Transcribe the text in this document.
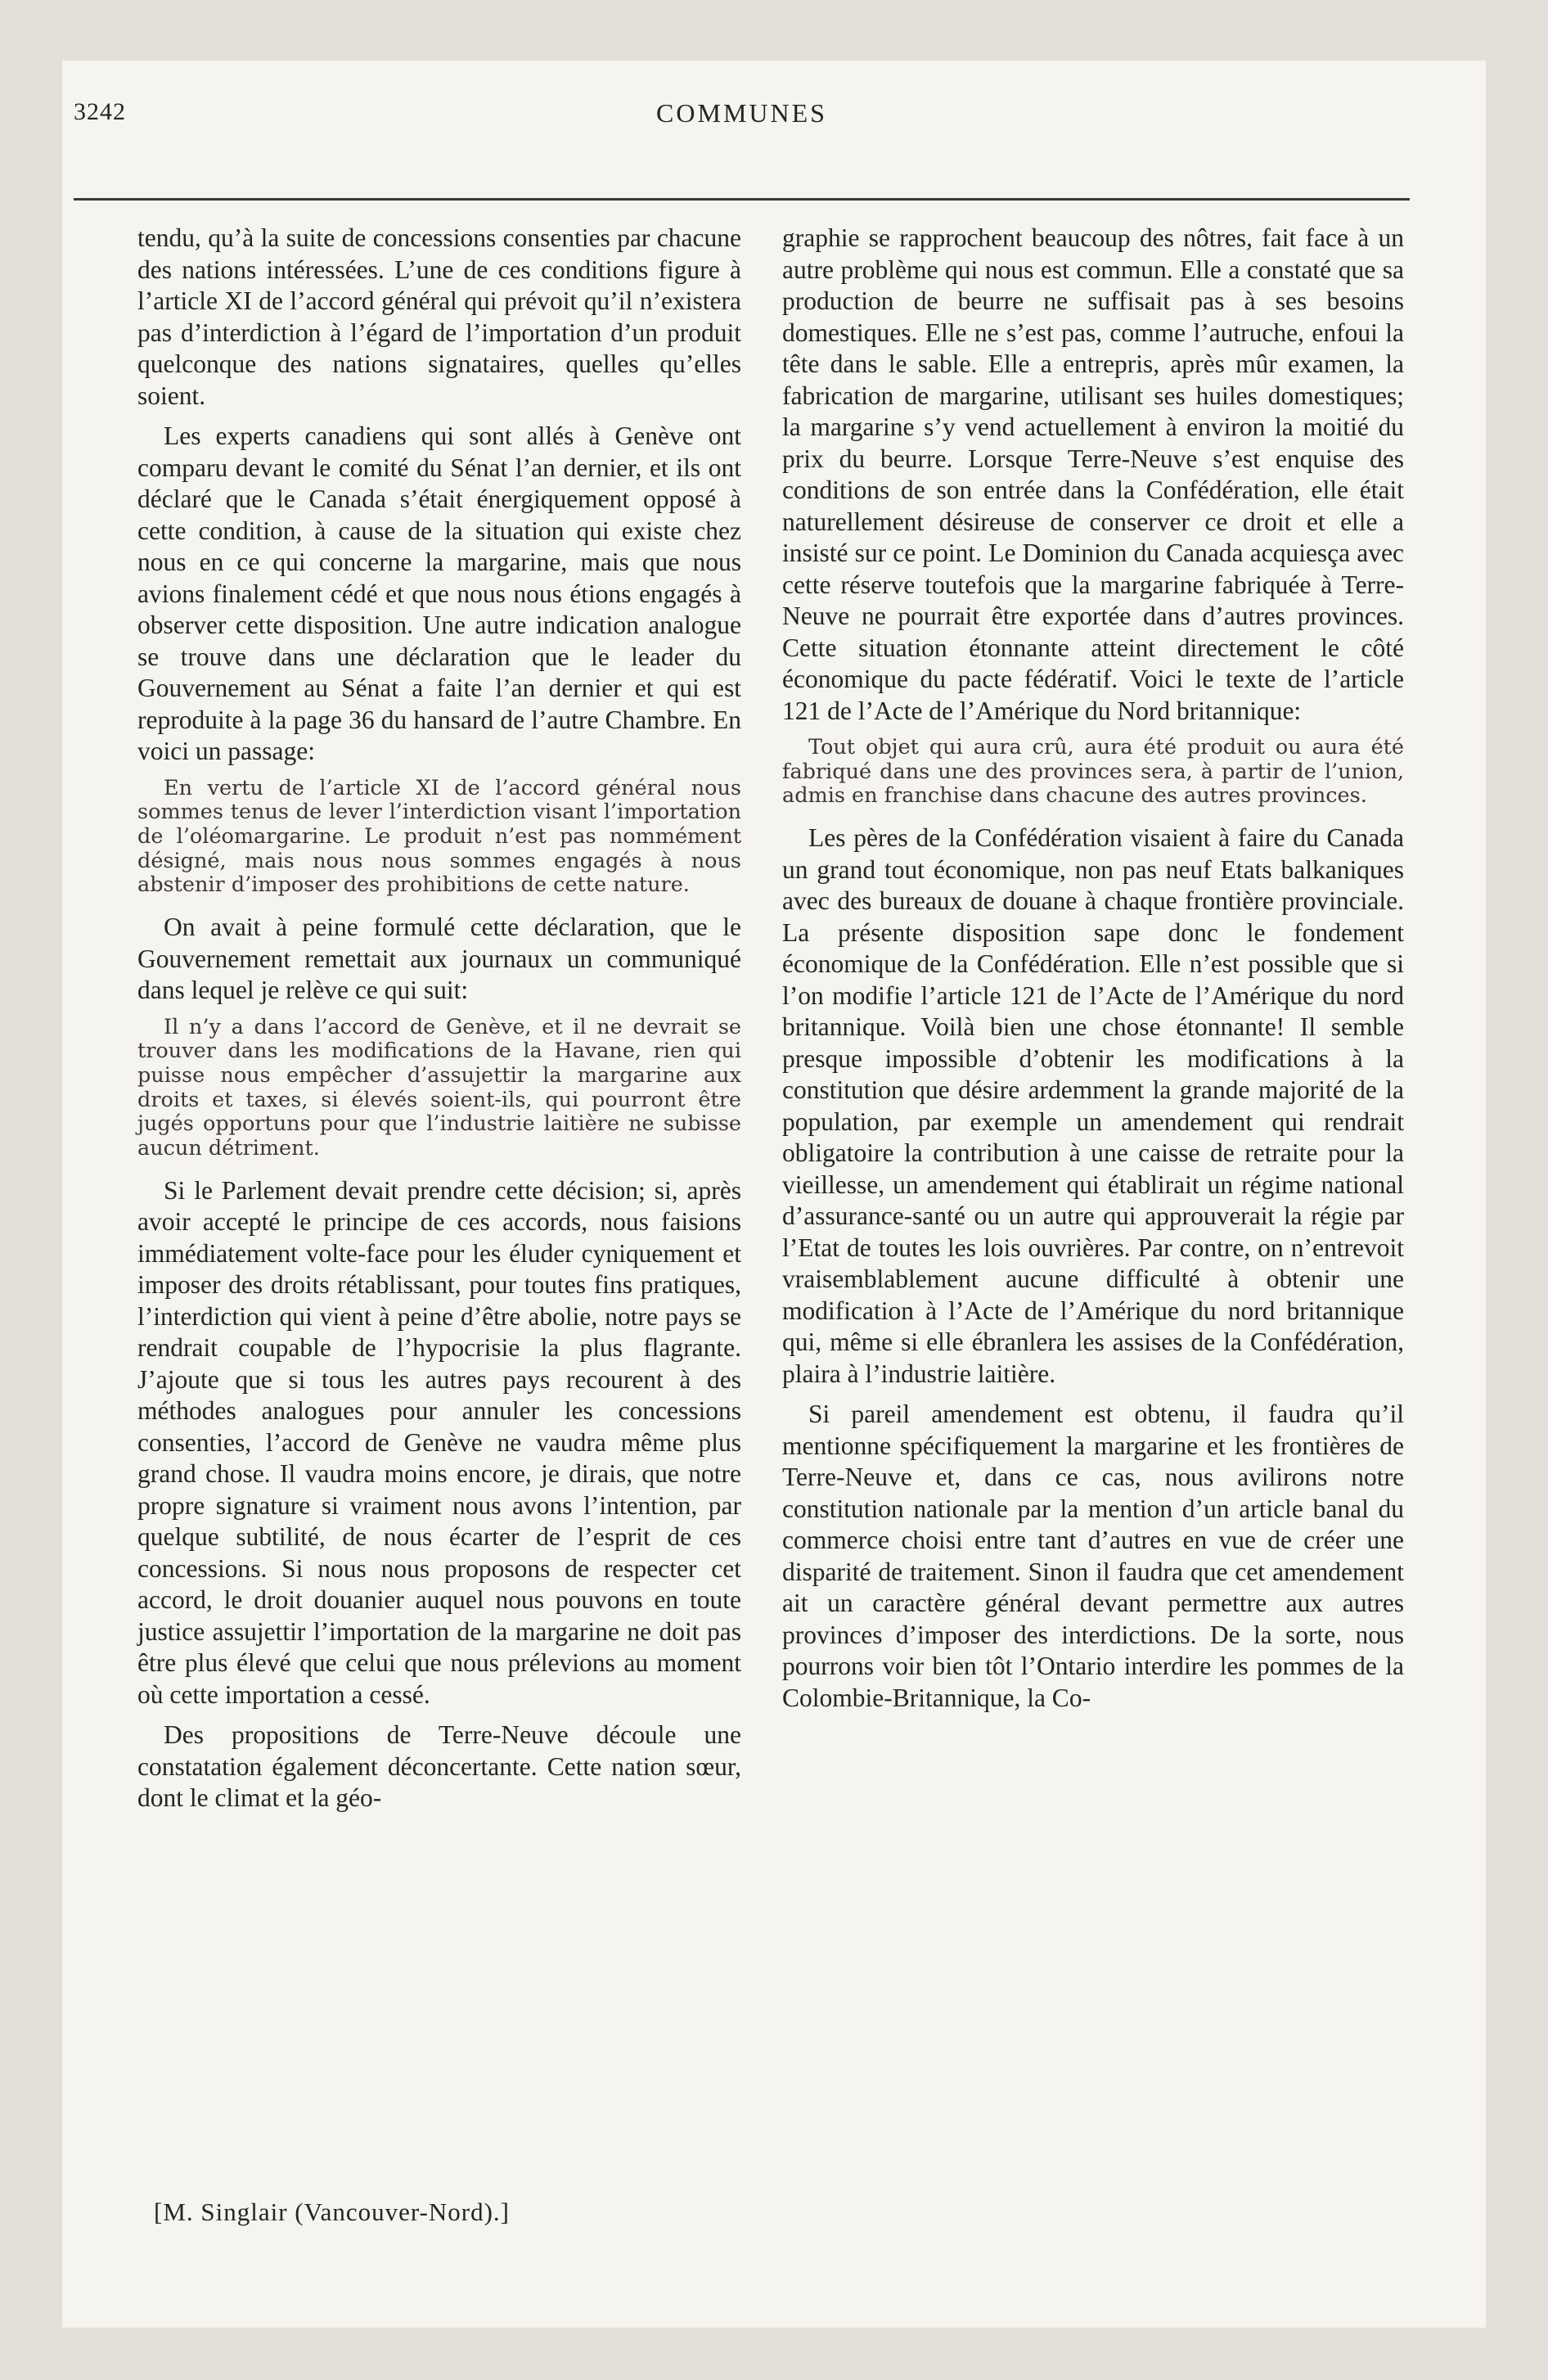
3242	COMMUNES

tendu, qu’à la suite de concessions consenties par chacune des nations intéressées. L’une de ces conditions figure à l’article XI de l’accord général qui prévoit qu’il n’existera pas d’interdiction à l’égard de l’importation d’un produit quelconque des nations signataires, quelles qu’elles soient.

Les experts canadiens qui sont allés à Genève ont comparu devant le comité du Sénat l’an dernier, et ils ont déclaré que le Canada s’était énergiquement opposé à cette condition, à cause de la situation qui existe chez nous en ce qui concerne la margarine, mais que nous avions finalement cédé et que nous nous étions engagés à observer cette disposition. Une autre indication analogue se trouve dans une déclaration que le leader du Gouvernement au Sénat a faite l’an dernier et qui est reproduite à la page 36 du hansard de l’autre Chambre. En voici un passage:

En vertu de l’article XI de l’accord général nous sommes tenus de lever l’interdiction visant l’importation de l’oléomargarine. Le produit n’est pas nommément désigné, mais nous nous sommes engagés à nous abstenir d’imposer des prohibitions de cette nature.

On avait à peine formulé cette déclaration, que le Gouvernement remettait aux journaux un communiqué dans lequel je relève ce qui suit:

Il n’y a dans l’accord de Genève, et il ne devrait se trouver dans les modifications de la Havane, rien qui puisse nous empêcher d’assujettir la margarine aux droits et taxes, si élevés soient-ils, qui pourront être jugés opportuns pour que l’industrie laitière ne subisse aucun détriment.

Si le Parlement devait prendre cette décision; si, après avoir accepté le principe de ces accords, nous faisions immédiatement volte-face pour les éluder cyniquement et imposer des droits rétablissant, pour toutes fins pratiques, l’interdiction qui vient à peine d’être abolie, notre pays se rendrait coupable de l’hypocrisie la plus flagrante. J’ajoute que si tous les autres pays recourent à des méthodes analogues pour annuler les concessions consenties, l’accord de Genève ne vaudra même plus grand chose. Il vaudra moins encore, je dirais, que notre propre signature si vraiment nous avons l’intention, par quelque subtilité, de nous écarter de l’esprit de ces concessions. Si nous nous proposons de respecter cet accord, le droit douanier auquel nous pouvons en toute justice assujettir l’importation de la margarine ne doit pas être plus élevé que celui que nous prélevions au moment où cette importation a cessé.

Des propositions de Terre-Neuve découle une constatation également déconcertante. Cette nation sœur, dont le climat et la géo-

graphie se rapprochent beaucoup des nôtres, fait face à un autre problème qui nous est commun. Elle a constaté que sa production de beurre ne suffisait pas à ses besoins domestiques. Elle ne s’est pas, comme l’autruche, enfoui la tête dans le sable. Elle a entrepris, après mûr examen, la fabrication de margarine, utilisant ses huiles domestiques; la margarine s’y vend actuellement à environ la moitié du prix du beurre. Lorsque Terre-Neuve s’est enquise des conditions de son entrée dans la Confédération, elle était naturellement désireuse de conserver ce droit et elle a insisté sur ce point. Le Dominion du Canada acquiesça avec cette réserve toutefois que la margarine fabriquée à Terre-Neuve ne pourrait être exportée dans d’autres provinces. Cette situation étonnante atteint directement le côté économique du pacte fédératif. Voici le texte de l’article 121 de l’Acte de l’Amérique du Nord britannique:

Tout objet qui aura crû, aura été produit ou aura été fabriqué dans une des provinces sera, à partir de l’union, admis en franchise dans chacune des autres provinces.

Les pères de la Confédération visaient à faire du Canada un grand tout économique, non pas neuf Etats balkaniques avec des bureaux de douane à chaque frontière provinciale. La présente disposition sape donc le fondement économique de la Confédération. Elle n’est possible que si l’on modifie l’article 121 de l’Acte de l’Amérique du nord britannique. Voilà bien une chose étonnante! Il semble presque impossible d’obtenir les modifications à la constitution que désire ardemment la grande majorité de la population, par exemple un amendement qui rendrait obligatoire la contribution à une caisse de retraite pour la vieillesse, un amendement qui établirait un régime national d’assurance-santé ou un autre qui approuverait la régie par l’Etat de toutes les lois ouvrières. Par contre, on n’entrevoit vraisemblablement aucune difficulté à obtenir une modification à l’Acte de l’Amérique du nord britannique qui, même si elle ébranlera les assises de la Confédération, plaira à l’industrie laitière.

Si pareil amendement est obtenu, il faudra qu’il mentionne spécifiquement la margarine et les frontières de Terre-Neuve et, dans ce cas, nous avilirons notre constitution nationale par la mention d’un article banal du commerce choisi entre tant d’autres en vue de créer une disparité de traitement. Sinon il faudra que cet amendement ait un caractère général devant permettre aux autres provinces d’imposer des interdictions. De la sorte, nous pourrons voir bien tôt l’Ontario interdire les pommes de la Colombie-Britannique, la Co-

[M. Singlair (Vancouver-Nord).]
